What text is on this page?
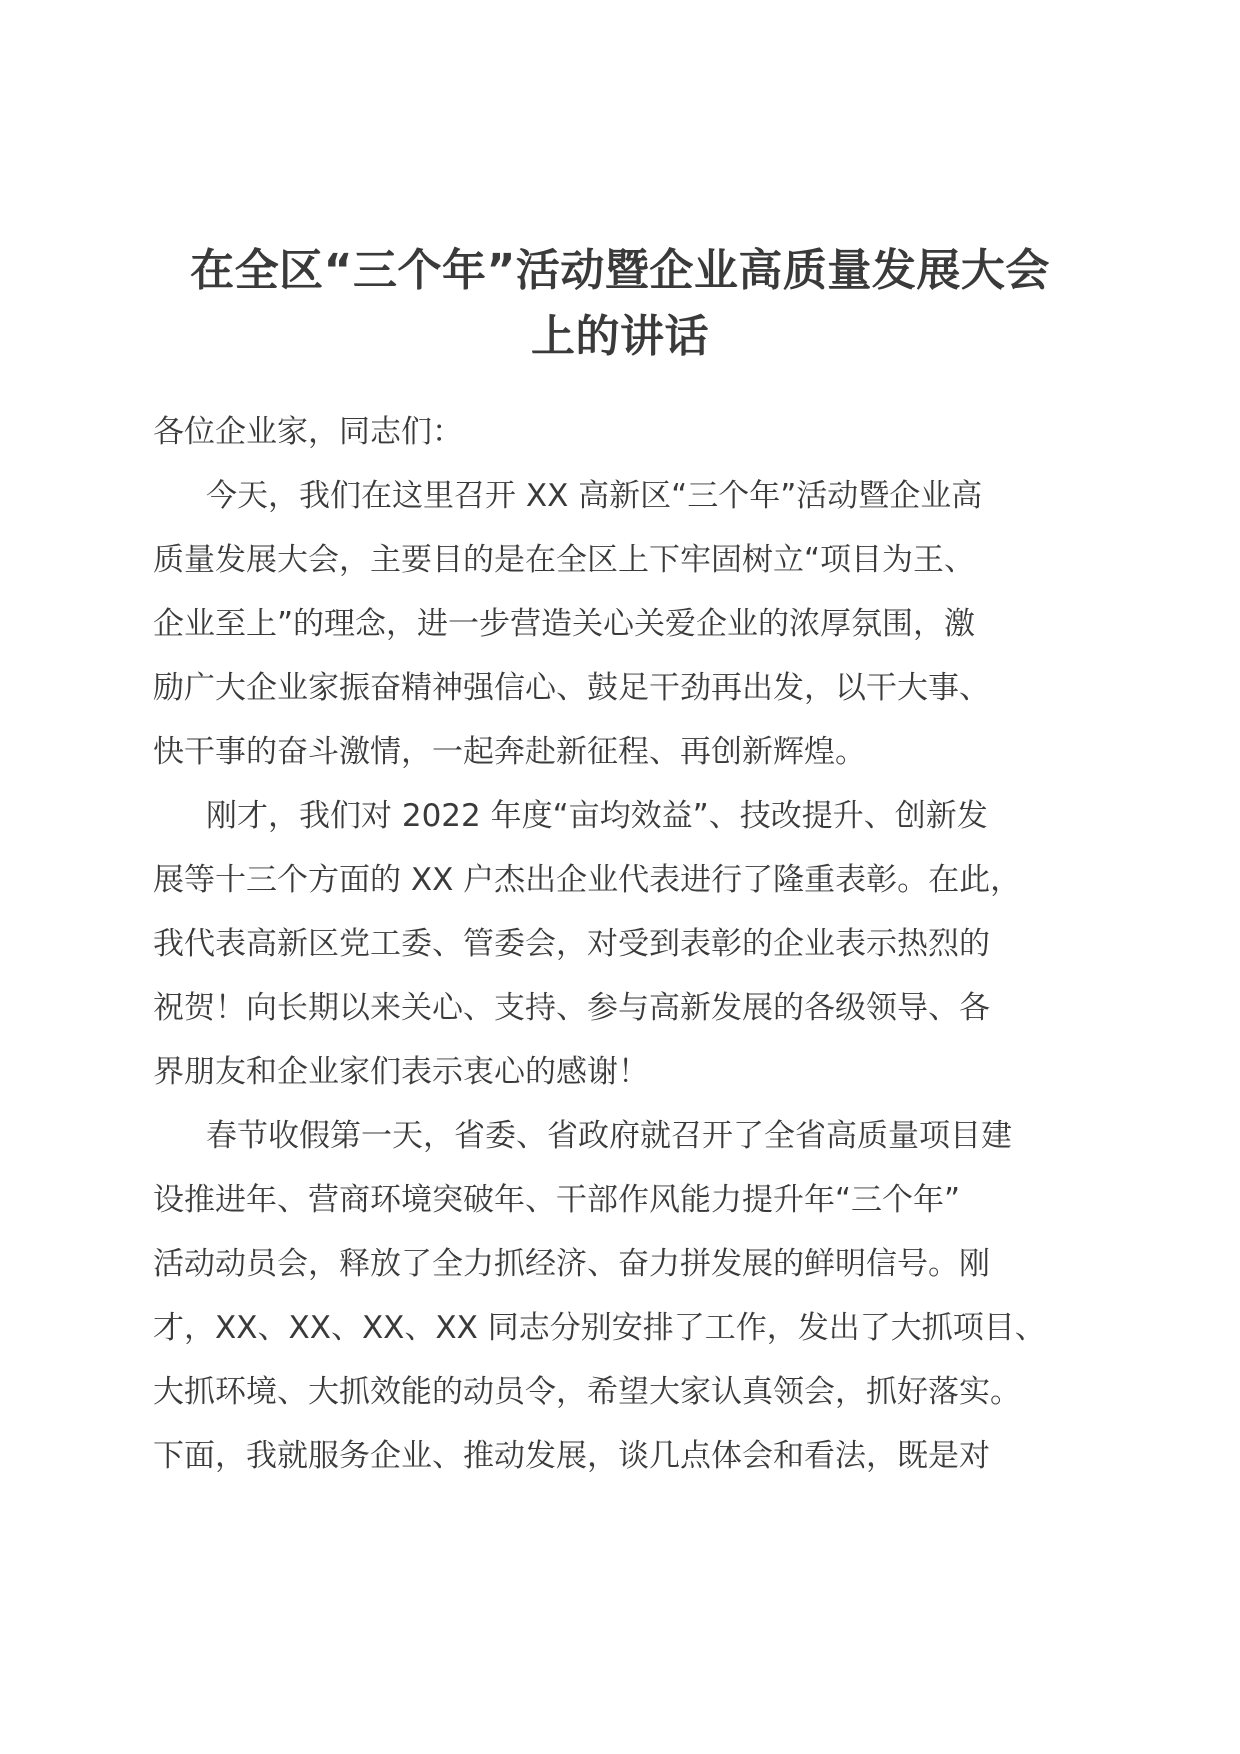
在全区“三个年”活动暨企业高质量发展大会
上的讲话

各位企业家，同志们：

今天，我们在这里召开 XX 高新区“三个年”活动暨企业高

质量发展大会，主要目的是在全区上下牢固树立“项目为王、

企业至上”的理念，进一步营造关心关爱企业的浓厚氛围，激

励广大企业家振奋精神强信心、鼓足干劲再出发，以干大事、

快干事的奋斗激情，一起奔赴新征程、再创新辉煌。

刚才，我们对 2022 年度“亩均效益”、技改提升、创新发

展等十三个方面的 XX 户杰出企业代表进行了隆重表彰。在此，

我代表高新区党工委、管委会，对受到表彰的企业表示热烈的

祝贺！向长期以来关心、支持、参与高新发展的各级领导、各

界朋友和企业家们表示衷心的感谢！

春节收假第一天，省委、省政府就召开了全省高质量项目建

设推进年、营商环境突破年、干部作风能力提升年“三个年”

活动动员会，释放了全力抓经济、奋力拼发展的鲜明信号。刚

才，XX、XX、XX、XX 同志分别安排了工作，发出了大抓项目、

大抓环境、大抓效能的动员令，希望大家认真领会，抓好落实。

下面，我就服务企业、推动发展，谈几点体会和看法，既是对
